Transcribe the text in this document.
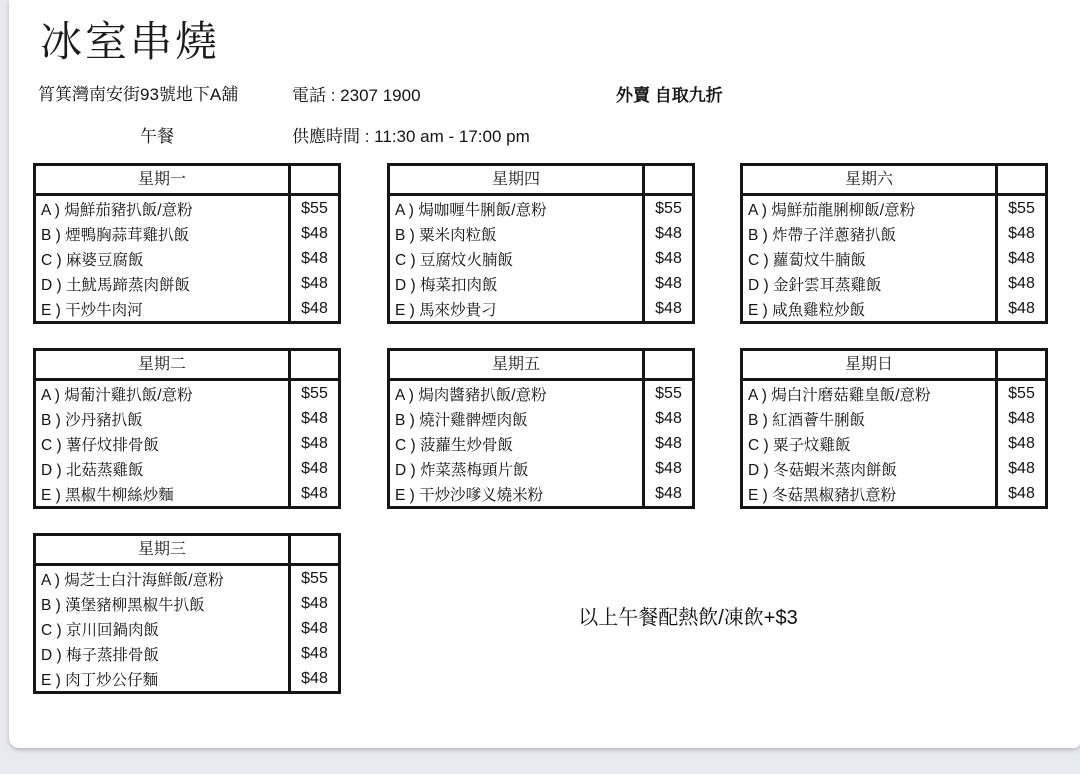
冰室串燒
筲箕灣南安街93號地下A舖	電話 : 2307 1900	外賣 自取九折
午餐	供應時間 : 11:30 am - 17:00 pm
星期一
A ) 焗鮮茄豬扒飯/意粉	$55
B ) 煙鴨胸蒜茸雞扒飯	$48
C ) 麻婆豆腐飯	$48
D ) 土魷馬蹄蒸肉餅飯	$48
E ) 干炒牛肉河	$48
星期四
A ) 焗咖喱牛脷飯/意粉	$55
B ) 粟米肉粒飯	$48
C ) 豆腐炆火腩飯	$48
D ) 梅菜扣肉飯	$48
E ) 馬來炒貴刁	$48
星期六
A ) 焗鮮茄龍脷柳飯/意粉	$55
B ) 炸帶子洋蔥豬扒飯	$48
C ) 蘿蔔炆牛腩飯	$48
D ) 金針雲耳蒸雞飯	$48
E ) 咸魚雞粒炒飯	$48
星期二
A ) 焗葡汁雞扒飯/意粉	$55
B ) 沙丹豬扒飯	$48
C ) 薯仔炆排骨飯	$48
D ) 北菇蒸雞飯	$48
E ) 黑椒牛柳絲炒麵	$48
星期五
A ) 焗肉醬豬扒飯/意粉	$55
B ) 燒汁雞髀煙肉飯	$48
C ) 菠蘿生炒骨飯	$48
D ) 炸菜蒸梅頭片飯	$48
E ) 干炒沙嗲义燒米粉	$48
星期日
A ) 焗白汁磨菇雞皇飯/意粉	$55
B ) 紅酒薈牛脷飯	$48
C ) 粟子炆雞飯	$48
D ) 冬菇蝦米蒸肉餅飯	$48
E ) 冬菇黑椒豬扒意粉	$48
星期三
A ) 焗芝士白汁海鮮飯/意粉	$55
B ) 漢堡豬柳黑椒牛扒飯	$48
C ) 京川回鍋肉飯	$48
D ) 梅子蒸排骨飯	$48
E ) 肉丁炒公仔麵	$48
以上午餐配熱飲/凍飲+$3
